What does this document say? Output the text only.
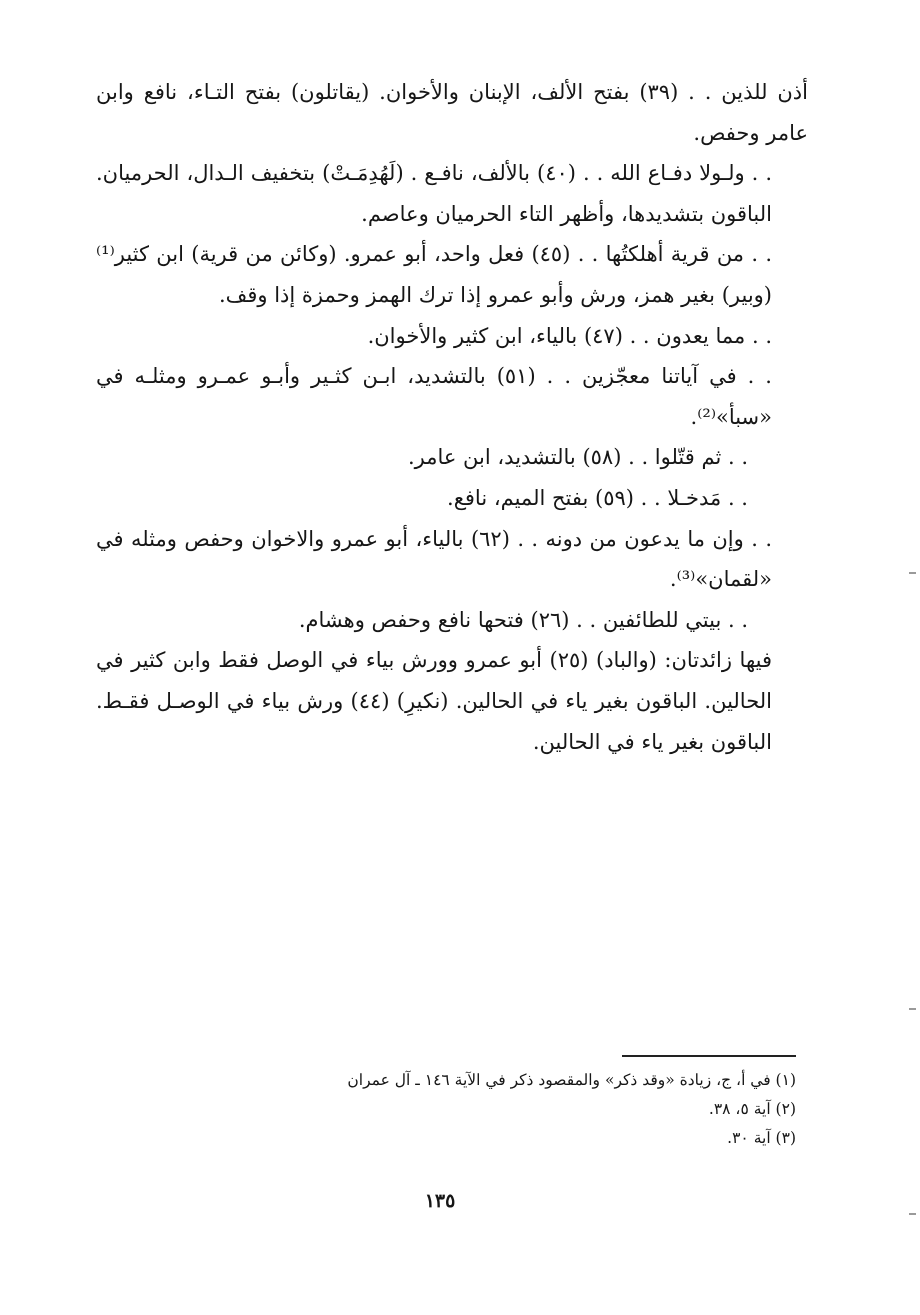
أذن للذين . . (٣٩) بفتح الألف، الإبنان والأخوان. (يقاتلون) بفتح التـاء، نافع وابن عامر وحفص.

. . ولـولا دفـاع الله . . (٤٠) بالألف، نافـع . (لَهُدِمَـتْ) بتخفيف الـدال، الحرميان. الباقون بتشديدها، وأظهر التاء الحرميان وعاصم.

. . من قرية أهلكتُها . . (٤٥) فعل واحد، أبو عمرو. (وكائن من قرية) ابن كثير⁽¹⁾ (وبير) بغير همز، ورش وأبو عمرو إذا ترك الهمز وحمزة إذا وقف.

. . مما يعدون . . (٤٧) بالياء، ابن كثير والأخوان.

. . في آياتنا معجّزين . . (٥١) بالتشديد، ابـن كثـير وأبـو عمـرو ومثلـه في «سبأ»⁽²⁾.

. . ثم قتّلوا . . (٥٨) بالتشديد، ابن عامر.

. . مَدخـلا . . (٥٩) بفتح الميم، نافع.

. . وإن ما يدعون من دونه . . (٦٢) بالياء، أبو عمرو والاخوان وحفص ومثله في «لقمان»⁽³⁾.

. . بيتي للطائفين . . (٢٦) فتحها نافع وحفص وهشام.

فيها زائدتان: (والباد) (٢٥) أبو عمرو وورش بياء في الوصل فقط وابن كثير في الحالين. الباقون بغير ياء في الحالين. (نكيرِ) (٤٤) ورش بياء في الوصـل فقـط. الباقون بغير ياء في الحالين.

(١) في أ، ج، زيادة «وقد ذكر» والمقصود ذكر في الآية ١٤٦ ـ آل عمران

(٢) آية ٥، ٣٨.

(٣) آية ٣٠.

١٣٥
